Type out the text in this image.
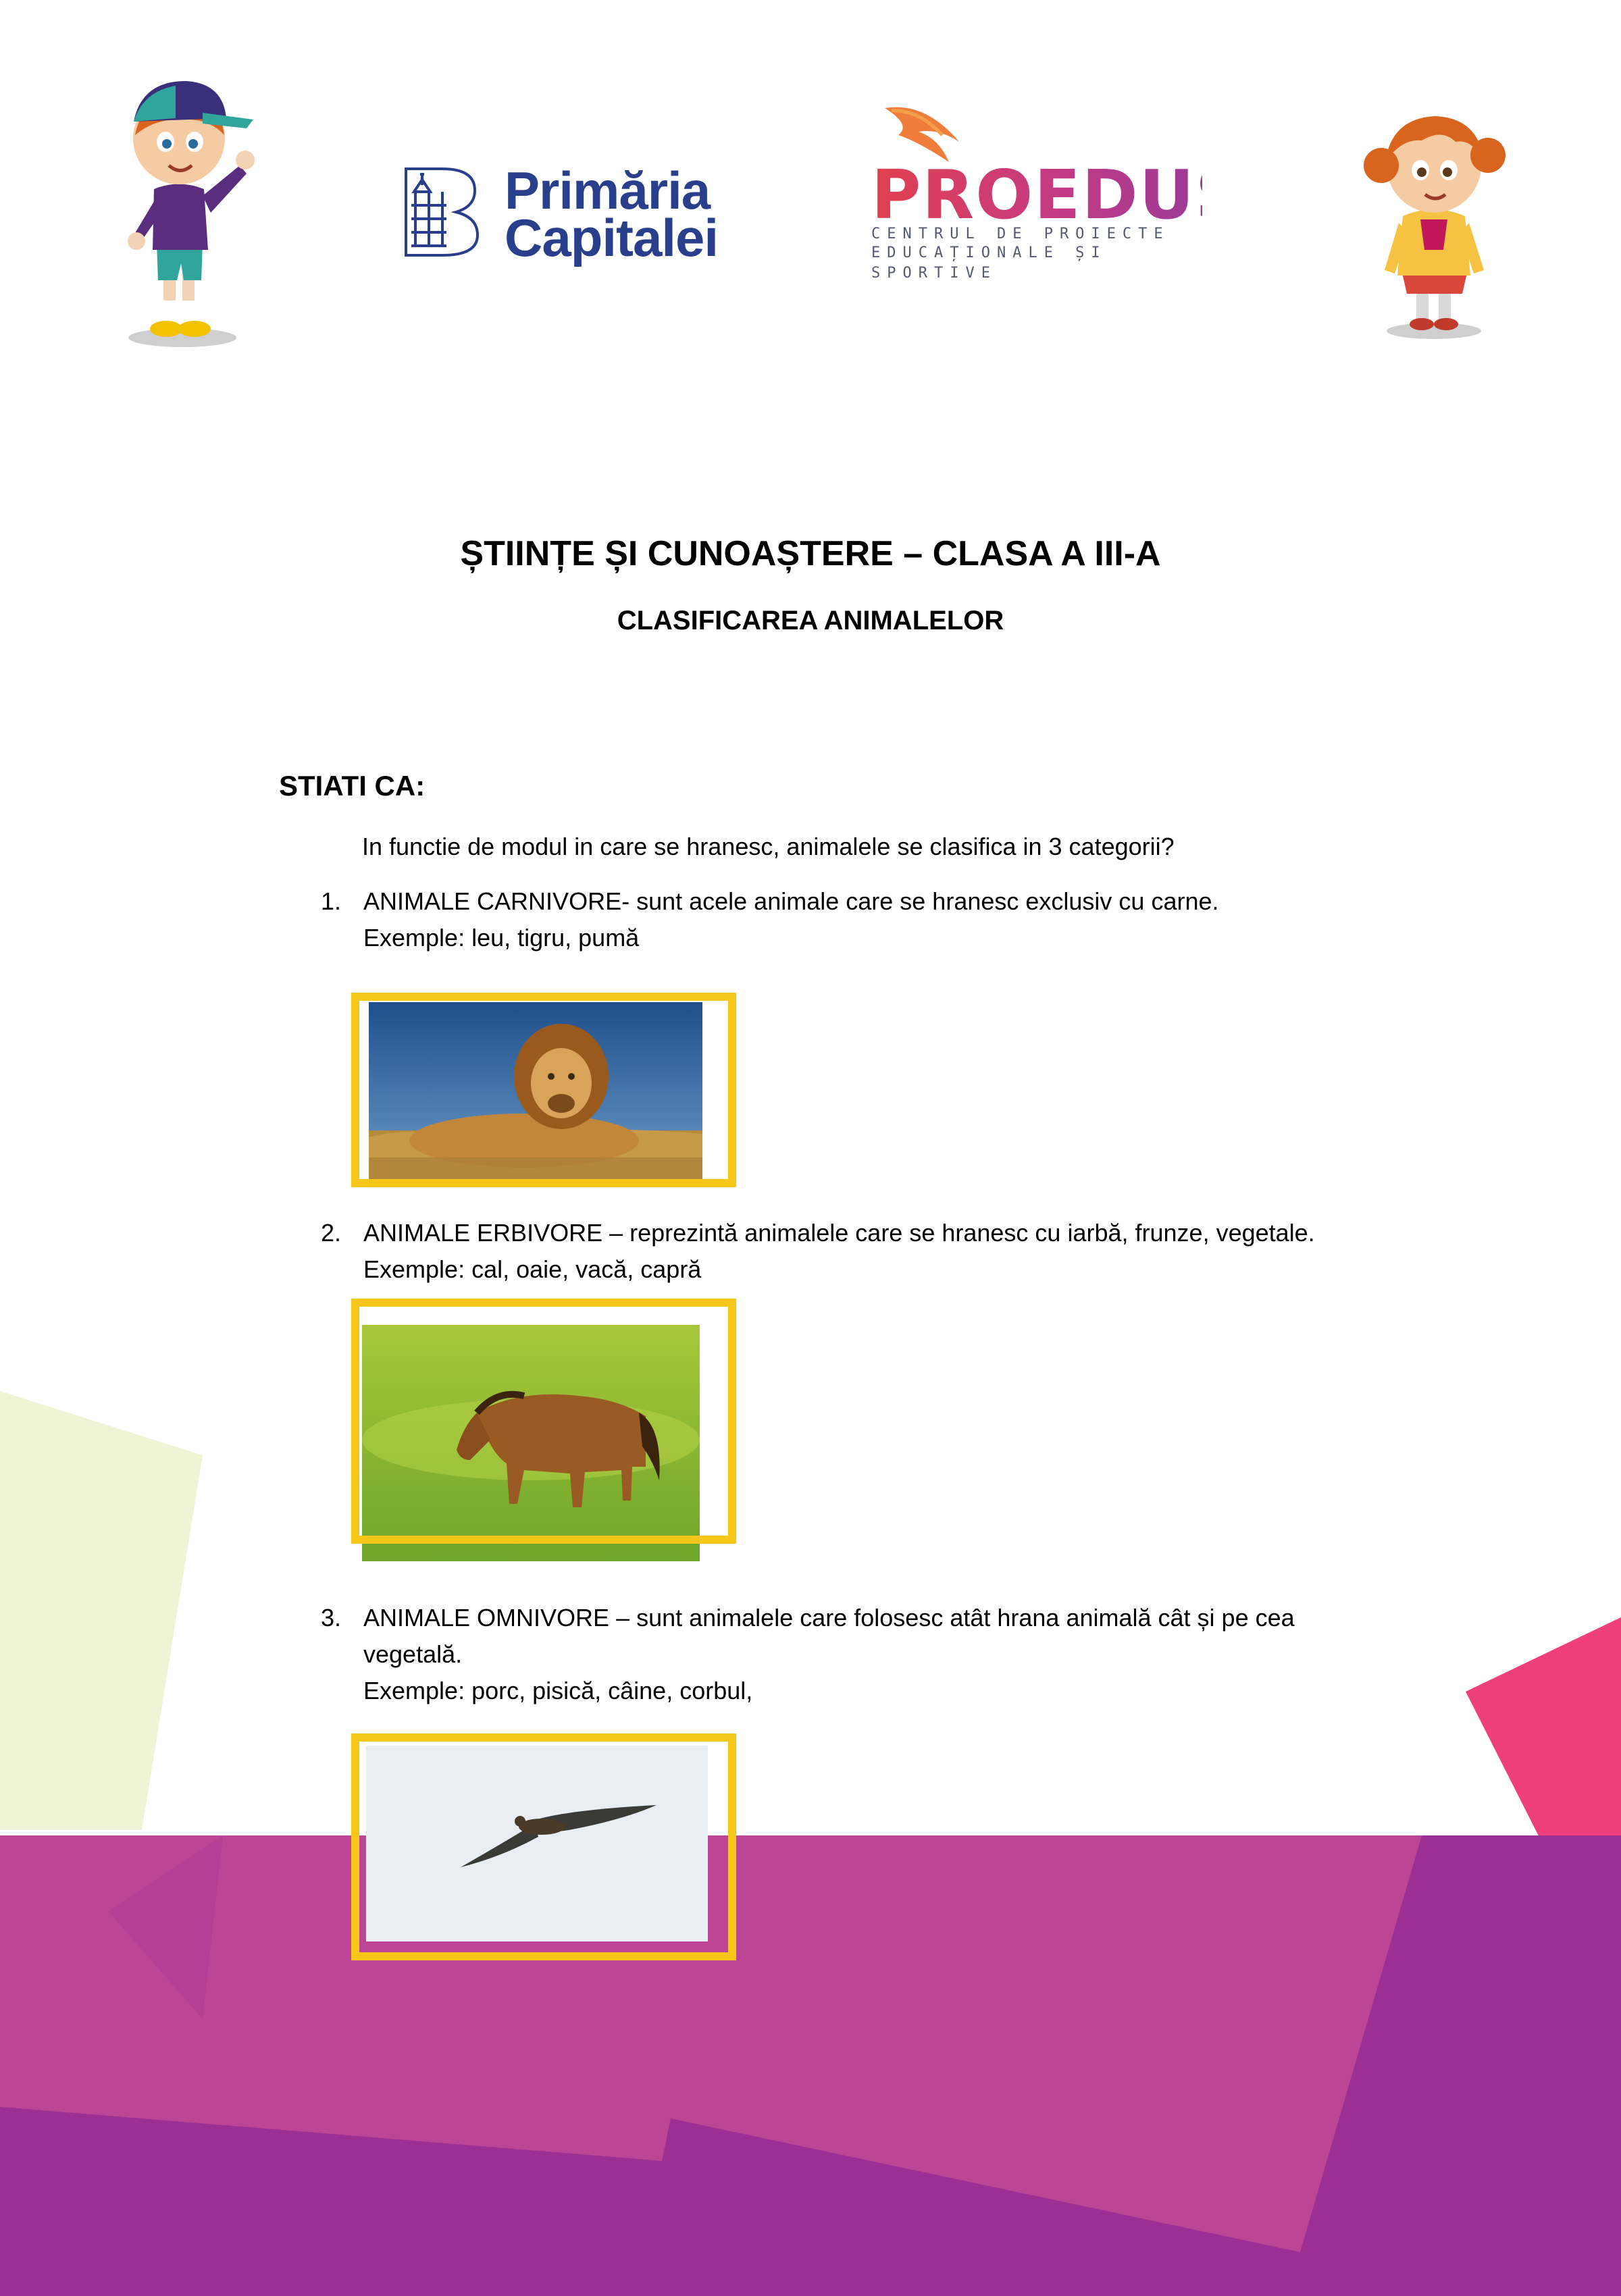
Primăria
Capitalei
PROEDU
CENTRUL DE PROIECTE
EDUCAȚIONALE ȘI SPORTIVE
ȘTIINȚE ȘI CUNOAȘTERE – CLASA A III-A
CLASIFICAREA ANIMALELOR
STIATI CA:
In functie de modul in care se hranesc, animalele se clasifica in 3 categorii?
1. ANIMALE CARNIVORE- sunt acele animale care se hranesc exclusiv cu carne.
Exemple: leu, tigru, pumă
2. ANIMALE ERBIVORE – reprezintă animalele care se hranesc cu iarbă, frunze, vegetale.
Exemple: cal, oaie, vacă, capră
3. ANIMALE OMNIVORE – sunt animalele care folosesc atât hrana animală cât și pe cea
vegetală.
Exemple: porc, pisică, câine, corbul,
